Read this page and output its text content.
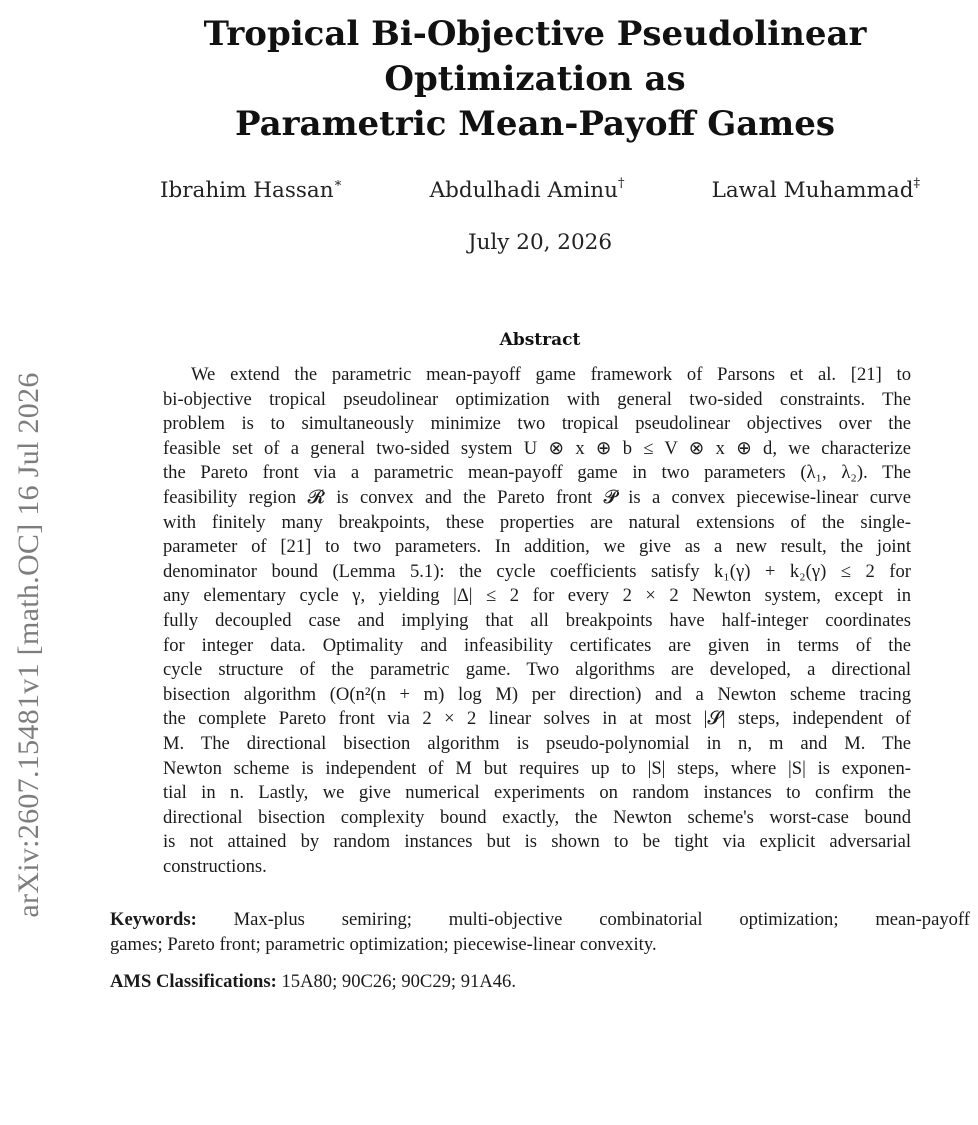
arXiv:2607.15481v1 [math.OC] 16 Jul 2026
Tropical Bi-Objective Pseudolinear
Optimization as
Parametric Mean-Payoff Games
Ibrahim Hassan∗	Abdulhadi Aminu†	Lawal Muhammad‡
July 20, 2026
Abstract
We extend the parametric mean-payoff game framework of Parsons et al. [21] to
bi-objective tropical pseudolinear optimization with general two-sided constraints. The
problem is to simultaneously minimize two tropical pseudolinear objectives over the
feasible set of a general two-sided system U ⊗ x ⊕ b ≤ V ⊗ x ⊕ d, we characterize
the Pareto front via a parametric mean-payoff game in two parameters (λ₁, λ₂). The
feasibility region 𝓡 is convex and the Pareto front 𝓟 is a convex piecewise-linear curve
with finitely many breakpoints, these properties are natural extensions of the single-
parameter of [21] to two parameters. In addition, we give as a new result, the joint
denominator bound (Lemma 5.1): the cycle coefficients satisfy k₁(γ) + k₂(γ) ≤ 2 for
any elementary cycle γ, yielding |Δ| ≤ 2 for every 2 × 2 Newton system, except in
fully decoupled case and implying that all breakpoints have half-integer coordinates
for integer data. Optimality and infeasibility certificates are given in terms of the
cycle structure of the parametric game. Two algorithms are developed, a directional
bisection algorithm (O(n²(n + m) log M) per direction) and a Newton scheme tracing
the complete Pareto front via 2 × 2 linear solves in at most |𝓢| steps, independent of
M. The directional bisection algorithm is pseudo-polynomial in n, m and M. The
Newton scheme is independent of M but requires up to |S| steps, where |S| is exponen-
tial in n. Lastly, we give numerical experiments on random instances to confirm the
directional bisection complexity bound exactly, the Newton scheme's worst-case bound
is not attained by random instances but is shown to be tight via explicit adversarial
constructions.
Keywords: Max-plus semiring; multi-objective combinatorial optimization; mean-payoff
games; Pareto front; parametric optimization; piecewise-linear convexity.
AMS Classifications: 15A80; 90C26; 90C29; 91A46.
